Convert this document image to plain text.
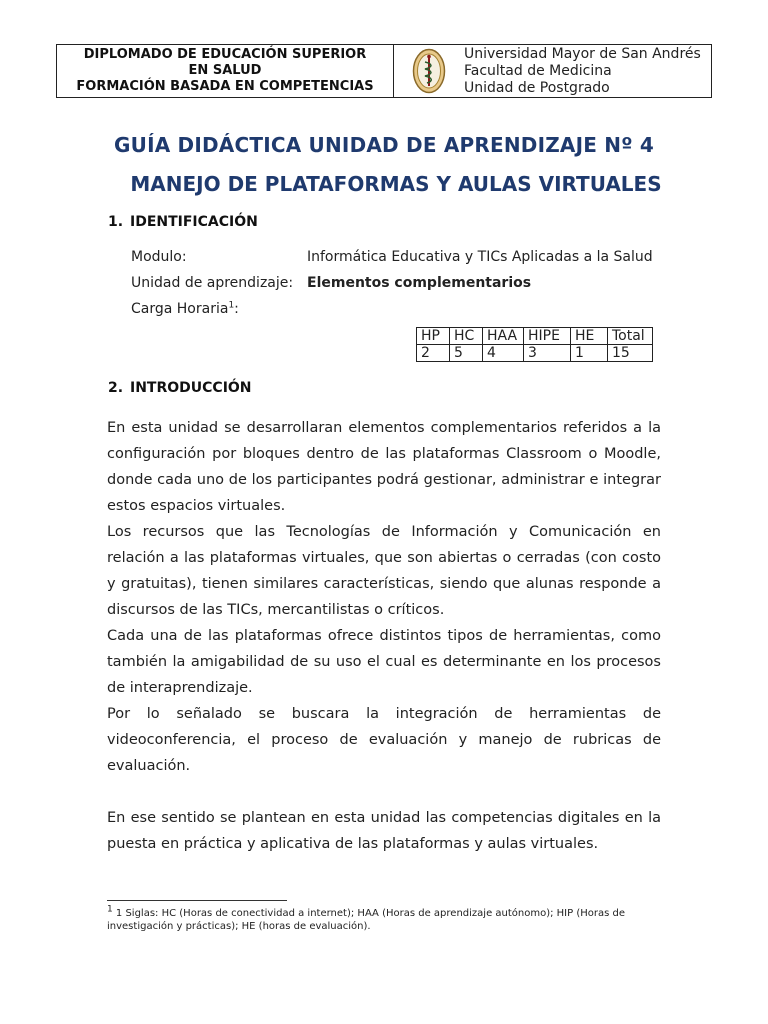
DIPLOMADO DE EDUCACIÓN SUPERIOR
EN SALUD
FORMACIÓN BASADA EN COMPETENCIAS
Universidad Mayor de San Andrés
Facultad de Medicina
Unidad de Postgrado
GUÍA DIDÁCTICA UNIDAD DE APRENDIZAJE Nº 4
MANEJO DE PLATAFORMAS Y AULAS VIRTUALES
1. IDENTIFICACIÓN
Modulo:	Informática Educativa y TICs Aplicadas a la Salud
Unidad de aprendizaje: Elementos complementarios
Carga Horaria$^1$:
HP	HC	HAA	HIPE	HE	Total
2	5	4	3	1	15
2. INTRODUCCIÓN

En esta unidad se desarrollaran elementos complementarios referidos a la configuración por bloques dentro de las plataformas Classroom o Moodle, donde cada uno de los participantes podrá gestionar, administrar e integrar estos espacios virtuales.

Los recursos que las Tecnologías de Información y Comunicación en relación a las plataformas virtuales, que son abiertas o cerradas (con costo y gratuitas), tienen similares características, siendo que alunas responde a discursos de las TICs, mercantilistas o críticos.

Cada una de las plataformas ofrece distintos tipos de herramientas, como también la amigabilidad de su uso el cual es determinante en los procesos de interaprendizaje.

Por lo señalado se buscara la integración de herramientas de videoconferencia, el proceso de evaluación y manejo de rubricas de evaluación.

En ese sentido se plantean en esta unidad las competencias digitales en la puesta en práctica y aplicativa de las plataformas y aulas virtuales.

$^1$ 1 Siglas: HC (Horas de conectividad a internet); HAA (Horas de aprendizaje autónomo); HIP (Horas de investigación y prácticas); HE (horas de evaluación).
